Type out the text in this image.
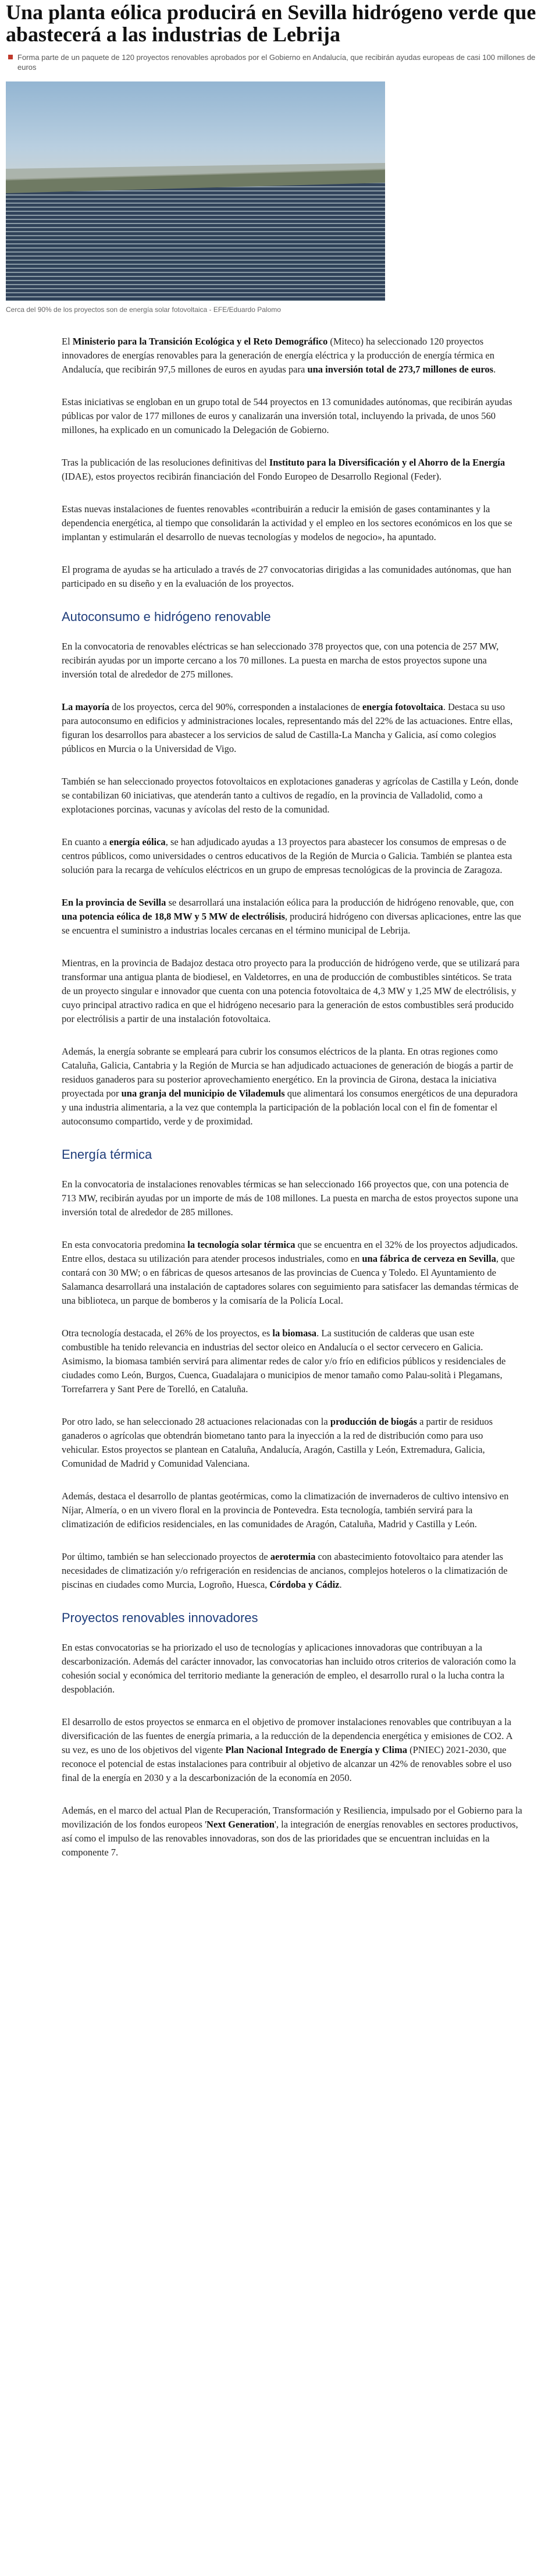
Una planta eólica producirá en Sevilla hidrógeno verde que abastecerá a las industrias de Lebrija
Forma parte de un paquete de 120 proyectos renovables aprobados por el Gobierno en Andalucía, que recibirán ayudas europeas de casi 100 millones de euros
Cerca del 90% de los proyectos son de energía solar fotovoltaica - EFE/Eduardo Palomo

El Ministerio para la Transición Ecológica y el Reto Demográfico (Miteco) ha seleccionado 120 proyectos innovadores de energías renovables para la generación de energía eléctrica y la producción de energía térmica en Andalucía, que recibirán 97,5 millones de euros en ayudas para una inversión total de 273,7 millones de euros.

Estas iniciativas se engloban en un grupo total de 544 proyectos en 13 comunidades autónomas, que recibirán ayudas públicas por valor de 177 millones de euros y canalizarán una inversión total, incluyendo la privada, de unos 560 millones, ha explicado en un comunicado la Delegación de Gobierno.

Tras la publicación de las resoluciones definitivas del Instituto para la Diversificación y el Ahorro de la Energía (IDAE), estos proyectos recibirán financiación del Fondo Europeo de Desarrollo Regional (Feder).

Estas nuevas instalaciones de fuentes renovables «contribuirán a reducir la emisión de gases contaminantes y la dependencia energética, al tiempo que consolidarán la actividad y el empleo en los sectores económicos en los que se implantan y estimularán el desarrollo de nuevas tecnologías y modelos de negocio», ha apuntado.

El programa de ayudas se ha articulado a través de 27 convocatorias dirigidas a las comunidades autónomas, que han participado en su diseño y en la evaluación de los proyectos.

Autoconsumo e hidrógeno renovable

En la convocatoria de renovables eléctricas se han seleccionado 378 proyectos que, con una potencia de 257 MW, recibirán ayudas por un importe cercano a los 70 millones. La puesta en marcha de estos proyectos supone una inversión total de alrededor de 275 millones.

La mayoría de los proyectos, cerca del 90%, corresponden a instalaciones de energía fotovoltaica. Destaca su uso para autoconsumo en edificios y administraciones locales, representando más del 22% de las actuaciones. Entre ellas, figuran los desarrollos para abastecer a los servicios de salud de Castilla-La Mancha y Galicia, así como colegios públicos en Murcia o la Universidad de Vigo.

También se han seleccionado proyectos fotovoltaicos en explotaciones ganaderas y agrícolas de Castilla y León, donde se contabilizan 60 iniciativas, que atenderán tanto a cultivos de regadío, en la provincia de Valladolid, como a explotaciones porcinas, vacunas y avícolas del resto de la comunidad.

En cuanto a energía eólica, se han adjudicado ayudas a 13 proyectos para abastecer los consumos de empresas o de centros públicos, como universidades o centros educativos de la Región de Murcia o Galicia. También se plantea esta solución para la recarga de vehículos eléctricos en un grupo de empresas tecnológicas de la provincia de Zaragoza.

En la provincia de Sevilla se desarrollará una instalación eólica para la producción de hidrógeno renovable, que, con una potencia eólica de 18,8 MW y 5 MW de electrólisis, producirá hidrógeno con diversas aplicaciones, entre las que se encuentra el suministro a industrias locales cercanas en el término municipal de Lebrija.

Mientras, en la provincia de Badajoz destaca otro proyecto para la producción de hidrógeno verde, que se utilizará para transformar una antigua planta de biodiesel, en Valdetorres, en una de producción de combustibles sintéticos. Se trata de un proyecto singular e innovador que cuenta con una potencia fotovoltaica de 4,3 MW y 1,25 MW de electrólisis, y cuyo principal atractivo radica en que el hidrógeno necesario para la generación de estos combustibles será producido por electrólisis a partir de una instalación fotovoltaica.

Además, la energía sobrante se empleará para cubrir los consumos eléctricos de la planta. En otras regiones como Cataluña, Galicia, Cantabria y la Región de Murcia se han adjudicado actuaciones de generación de biogás a partir de residuos ganaderos para su posterior aprovechamiento energético. En la provincia de Girona, destaca la iniciativa proyectada por una granja del municipio de Vilademuls que alimentará los consumos energéticos de una depuradora y una industria alimentaria, a la vez que contempla la participación de la población local con el fin de fomentar el autoconsumo compartido, verde y de proximidad.

Energía térmica

En la convocatoria de instalaciones renovables térmicas se han seleccionado 166 proyectos que, con una potencia de 713 MW, recibirán ayudas por un importe de más de 108 millones. La puesta en marcha de estos proyectos supone una inversión total de alrededor de 285 millones.

En esta convocatoria predomina la tecnología solar térmica que se encuentra en el 32% de los proyectos adjudicados. Entre ellos, destaca su utilización para atender procesos industriales, como en una fábrica de cerveza en Sevilla, que contará con 30 MW; o en fábricas de quesos artesanos de las provincias de Cuenca y Toledo. El Ayuntamiento de Salamanca desarrollará una instalación de captadores solares con seguimiento para satisfacer las demandas térmicas de una biblioteca, un parque de bomberos y la comisaría de la Policía Local.

Otra tecnología destacada, el 26% de los proyectos, es la biomasa. La sustitución de calderas que usan este combustible ha tenido relevancia en industrias del sector oleico en Andalucía o el sector cervecero en Galicia. Asimismo, la biomasa también servirá para alimentar redes de calor y/o frío en edificios públicos y residenciales de ciudades como León, Burgos, Cuenca, Guadalajara o municipios de menor tamaño como Palau-solità i Plegamans, Torrefarrera y Sant Pere de Torelló, en Cataluña.

Por otro lado, se han seleccionado 28 actuaciones relacionadas con la producción de biogás a partir de residuos ganaderos o agrícolas que obtendrán biometano tanto para la inyección a la red de distribución como para uso vehicular. Estos proyectos se plantean en Cataluña, Andalucía, Aragón, Castilla y León, Extremadura, Galicia, Comunidad de Madrid y Comunidad Valenciana.

Además, destaca el desarrollo de plantas geotérmicas, como la climatización de invernaderos de cultivo intensivo en Níjar, Almería, o en un vivero floral en la provincia de Pontevedra. Esta tecnología, también servirá para la climatización de edificios residenciales, en las comunidades de Aragón, Cataluña, Madrid y Castilla y León.

Por último, también se han seleccionado proyectos de aerotermia con abastecimiento fotovoltaico para atender las necesidades de climatización y/o refrigeración en residencias de ancianos, complejos hoteleros o la climatización de piscinas en ciudades como Murcia, Logroño, Huesca, Córdoba y Cádiz.

Proyectos renovables innovadores

En estas convocatorias se ha priorizado el uso de tecnologías y aplicaciones innovadoras que contribuyan a la descarbonización. Además del carácter innovador, las convocatorias han incluido otros criterios de valoración como la cohesión social y económica del territorio mediante la generación de empleo, el desarrollo rural o la lucha contra la despoblación.

El desarrollo de estos proyectos se enmarca en el objetivo de promover instalaciones renovables que contribuyan a la diversificación de las fuentes de energía primaria, a la reducción de la dependencia energética y emisiones de CO2. A su vez, es uno de los objetivos del vigente Plan Nacional Integrado de Energía y Clima (PNIEC) 2021-2030, que reconoce el potencial de estas instalaciones para contribuir al objetivo de alcanzar un 42% de renovables sobre el uso final de la energía en 2030 y a la descarbonización de la economía en 2050.

Además, en el marco del actual Plan de Recuperación, Transformación y Resiliencia, impulsado por el Gobierno para la movilización de los fondos europeos 'Next Generation', la integración de energías renovables en sectores productivos, así como el impulso de las renovables innovadoras, son dos de las prioridades que se encuentran incluidas en la componente 7.
